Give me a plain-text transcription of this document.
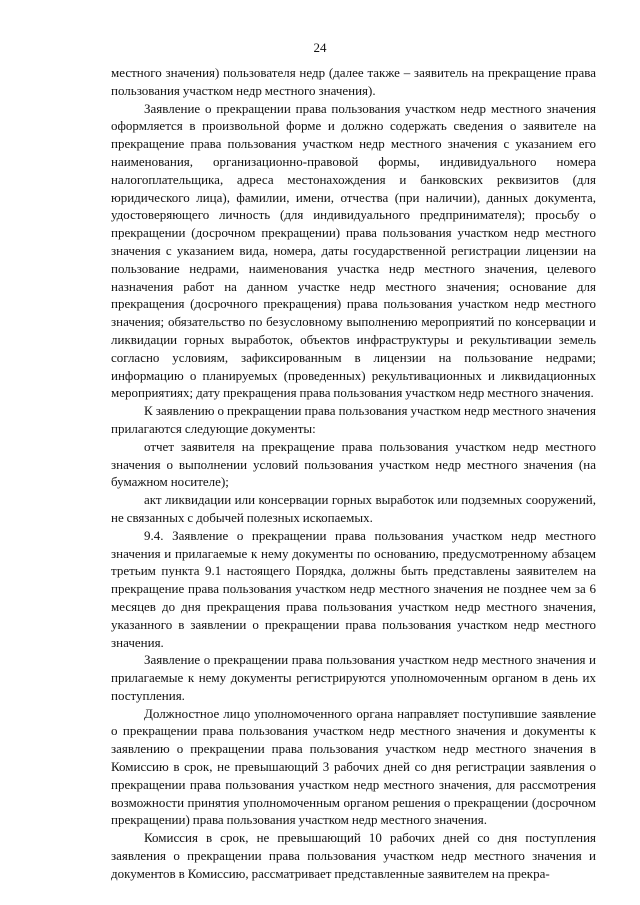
24

местного значения) пользователя недр (далее также – заявитель на прекращение права пользования участком недр местного значения).

Заявление о прекращении права пользования участком недр местного значения оформляется в произвольной форме и должно содержать сведения о заявителе на прекращение права пользования участком недр местного значения с указанием его наименования, организационно-правовой формы, индивидуального номера налогоплательщика, адреса местонахождения и банковских реквизитов (для юридического лица), фамилии, имени, отчества (при наличии), данных документа, удостоверяющего личность (для индивидуального предпринимателя); просьбу о прекращении (досрочном прекращении) права пользования участком недр местного значения с указанием вида, номера, даты государственной регистрации лицензии на пользование недрами, наименования участка недр местного значения, целевого назначения работ на данном участке недр местного значения; основание для прекращения (досрочного прекращения) права пользования участком недр местного значения; обязательство по безусловному выполнению мероприятий по консервации и ликвидации горных выработок, объектов инфраструктуры и рекультивации земель согласно условиям, зафиксированным в лицензии на пользование недрами; информацию о планируемых (проведенных) рекультивационных и ликвидационных мероприятиях; дату прекращения права пользования участком недр местного значения.

К заявлению о прекращении права пользования участком недр местного значения прилагаются следующие документы:

отчет заявителя на прекращение права пользования участком недр местного значения о выполнении условий пользования участком недр местного значения (на бумажном носителе);

акт ликвидации или консервации горных выработок или подземных сооружений, не связанных с добычей полезных ископаемых.

9.4. Заявление о прекращении права пользования участком недр местного значения и прилагаемые к нему документы по основанию, предусмотренному абзацем третьим пункта 9.1 настоящего Порядка, должны быть представлены заявителем на прекращение права пользования участком недр местного значения не позднее чем за 6 месяцев до дня прекращения права пользования участком недр местного значения, указанного в заявлении о прекращении права пользования участком недр местного значения.

Заявление о прекращении права пользования участком недр местного значения и прилагаемые к нему документы регистрируются уполномоченным органом в день их поступления.

Должностное лицо уполномоченного органа направляет поступившие заявление о прекращении права пользования участком недр местного значения и документы к заявлению о прекращении права пользования участком недр местного значения в Комиссию в срок, не превышающий 3 рабочих дней со дня регистрации заявления о прекращении права пользования участком недр местного значения, для рассмотрения возможности принятия уполномоченным органом решения о прекращении (досрочном прекращении) права пользования участком недр местного значения.

Комиссия в срок, не превышающий 10 рабочих дней со дня поступления заявления о прекращении права пользования участком недр местного значения и документов в Комиссию, рассматривает представленные заявителем на прекра-
